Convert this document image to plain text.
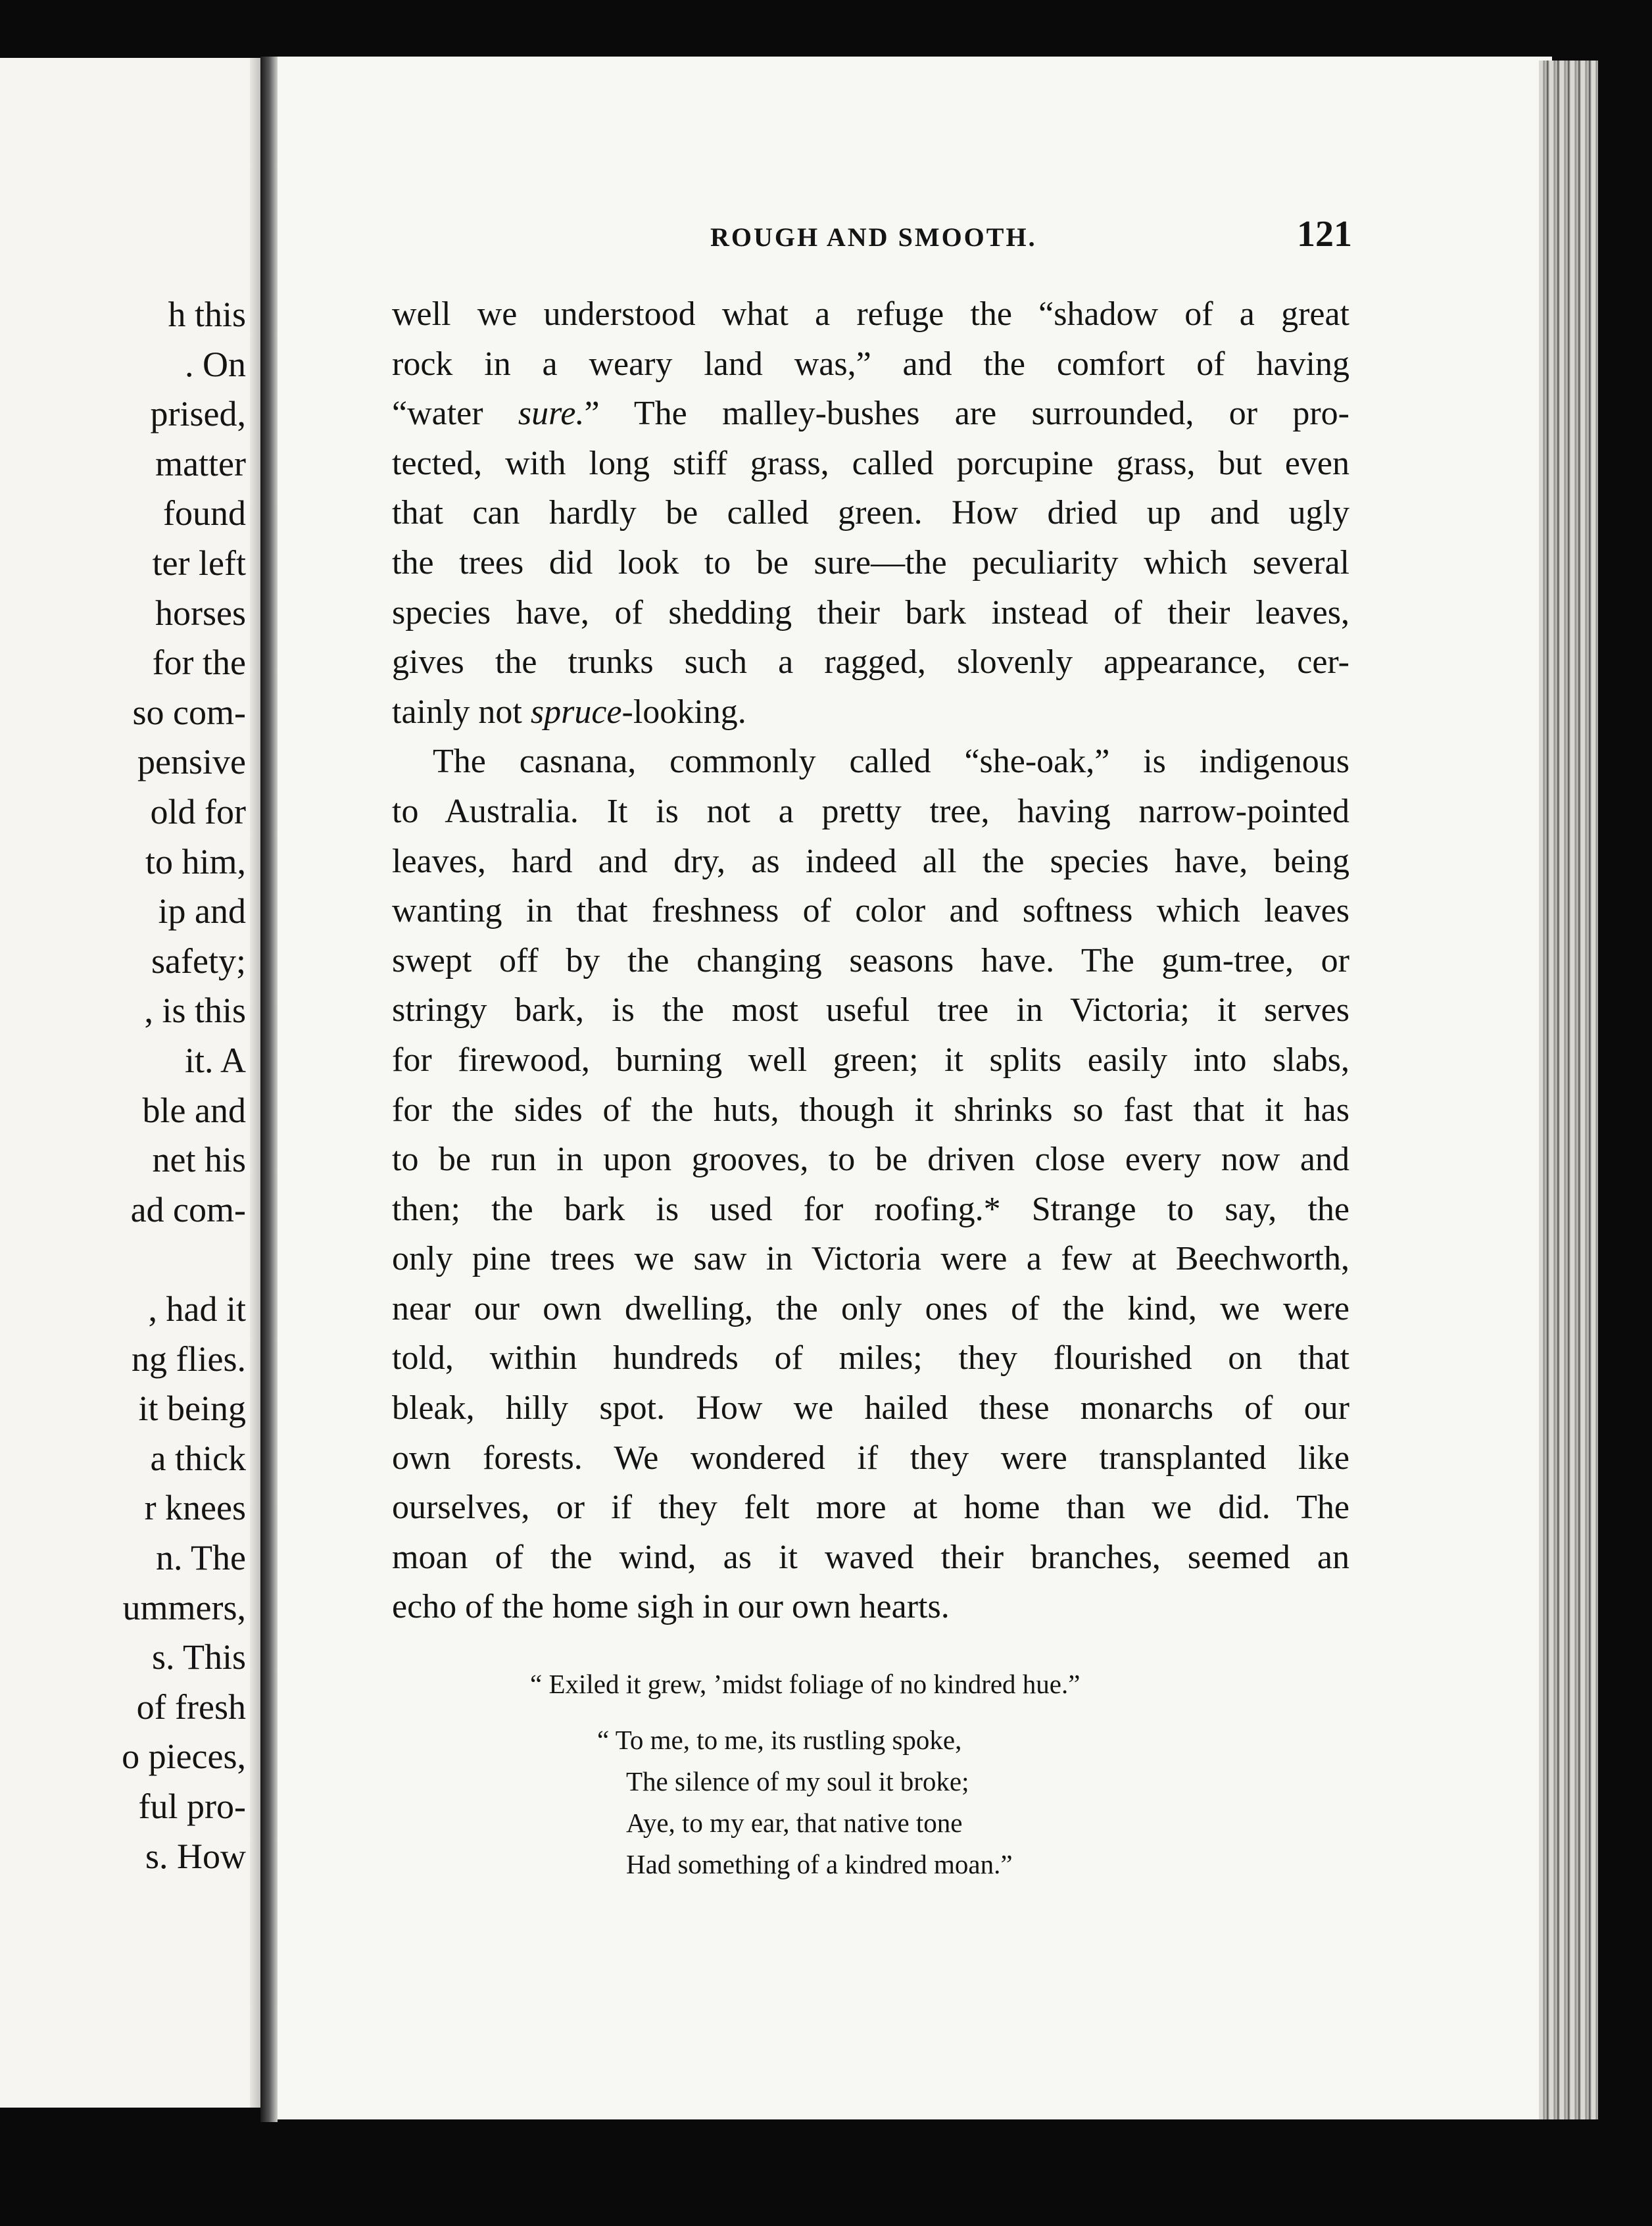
h this
. On
prised,
matter
found
ter left
horses
for the
so com-
pensive
old for
to him,
ip and
safety;
, is this
it. A
ble and
net his
ad com-
, had it
ng flies.
it being
a thick
r knees
n. The
ummers,
s. This
of fresh
o pieces,
ful pro-
s. How
ROUGH AND SMOOTH.	121
well we understood what a refuge the “shadow of a great
rock in a weary land was,” and the comfort of having
“water sure.” The malley-bushes are surrounded, or pro-
tected, with long stiff grass, called porcupine grass, but even
that can hardly be called green. How dried up and ugly
the trees did look to be sure—the peculiarity which several
species have, of shedding their bark instead of their leaves,
gives the trunks such a ragged, slovenly appearance, cer-
tainly not spruce-looking.
The casnana, commonly called “she-oak,” is indigenous
to Australia. It is not a pretty tree, having narrow-pointed
leaves, hard and dry, as indeed all the species have, being
wanting in that freshness of color and softness which leaves
swept off by the changing seasons have. The gum-tree, or
stringy bark, is the most useful tree in Victoria; it serves
for firewood, burning well green; it splits easily into slabs,
for the sides of the huts, though it shrinks so fast that it has
to be run in upon grooves, to be driven close every now and
then; the bark is used for roofing.* Strange to say, the
only pine trees we saw in Victoria were a few at Beechworth,
near our own dwelling, the only ones of the kind, we were
told, within hundreds of miles; they flourished on that
bleak, hilly spot. How we hailed these monarchs of our
own forests. We wondered if they were transplanted like
ourselves, or if they felt more at home than we did. The
moan of the wind, as it waved their branches, seemed an
echo of the home sigh in our own hearts.
“ Exiled it grew, ’midst foliage of no kindred hue.”
“ To me, to me, its rustling spoke,
The silence of my soul it broke;
Aye, to my ear, that native tone
Had something of a kindred moan.”
